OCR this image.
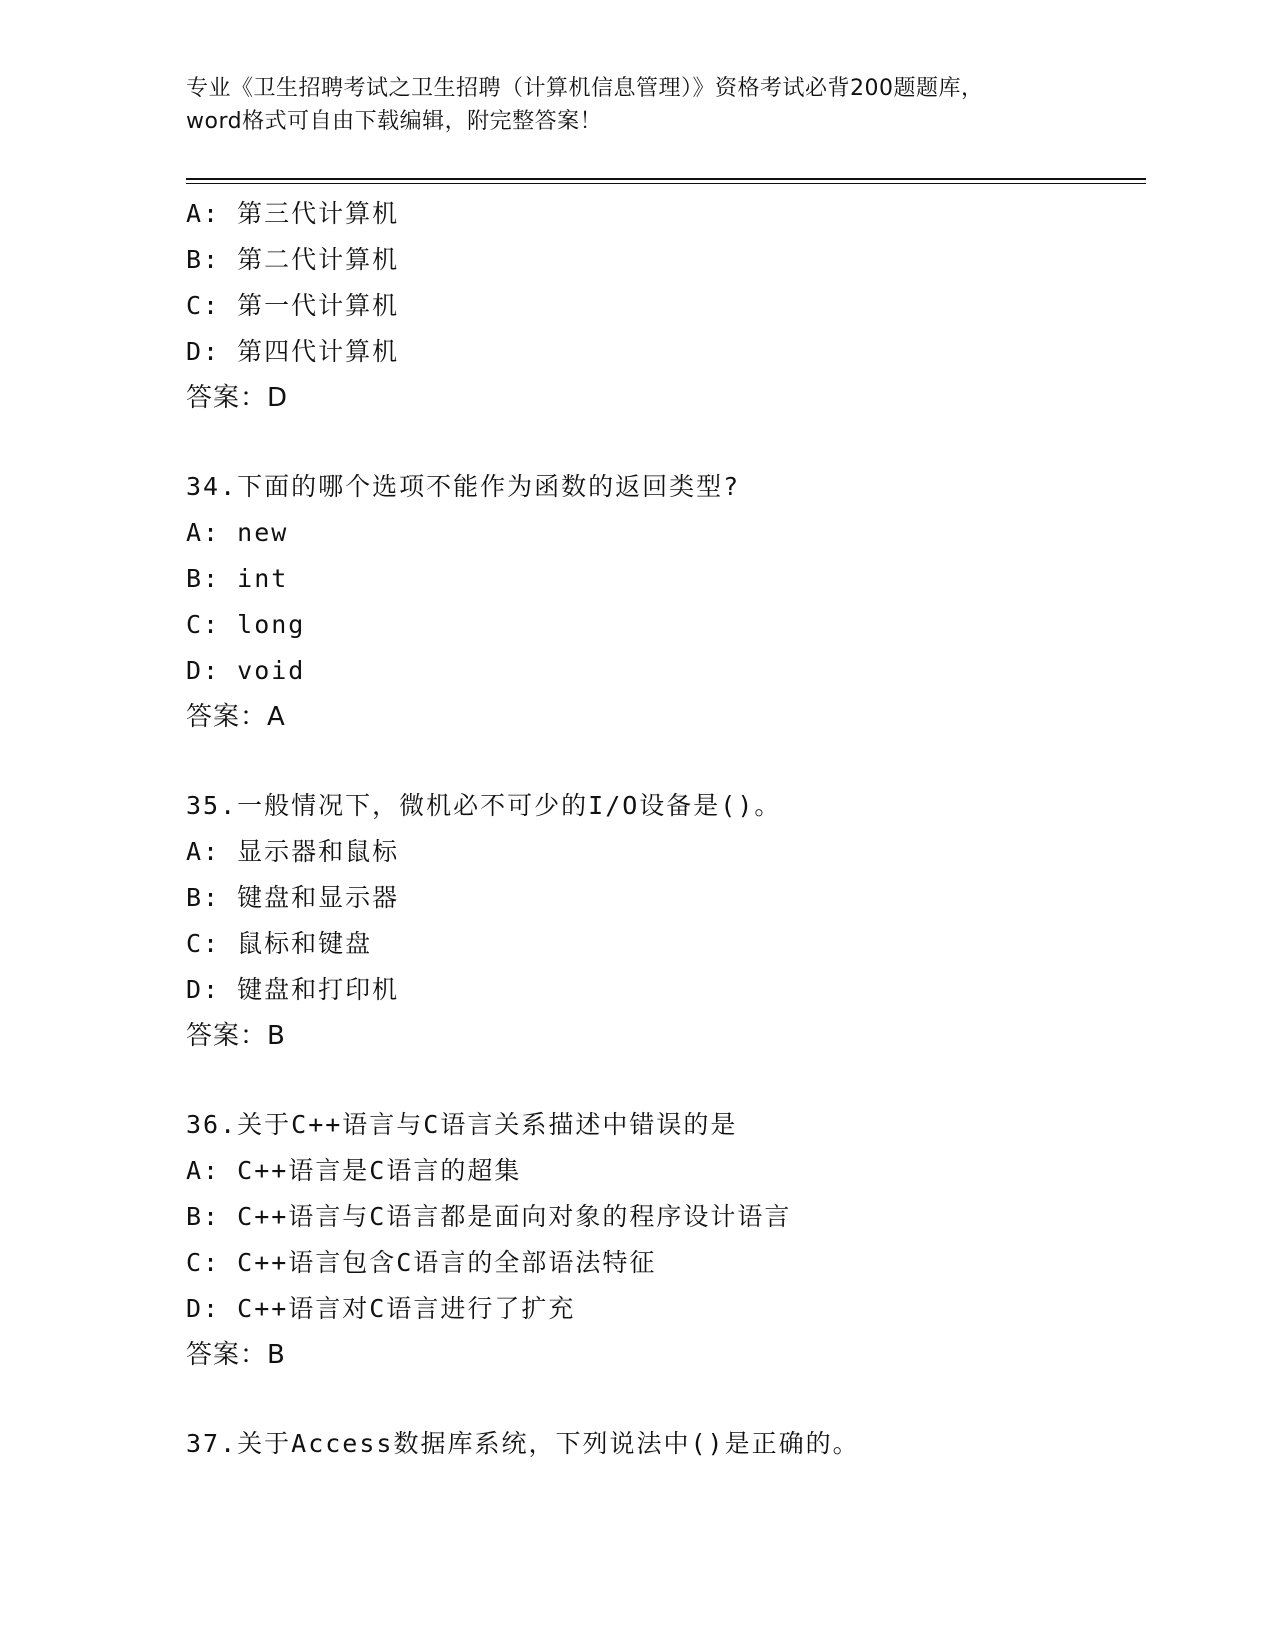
专业《卫生招聘考试之卫生招聘（计算机信息管理）》资格考试必背200题题库，
word格式可自由下载编辑，附完整答案！
A: 第三代计算机
B: 第二代计算机
C: 第一代计算机
D: 第四代计算机
答案：D
34.下面的哪个选项不能作为函数的返回类型?
A: new
B: int
C: long
D: void
答案：A
35.一般情况下，微机必不可少的I/O设备是()。
A: 显示器和鼠标
B: 键盘和显示器
C: 鼠标和键盘
D: 键盘和打印机
答案：B
36.关于C++语言与C语言关系描述中错误的是
A: C++语言是C语言的超集
B: C++语言与C语言都是面向对象的程序设计语言
C: C++语言包含C语言的全部语法特征
D: C++语言对C语言进行了扩充
答案：B
37.关于Access数据库系统，下列说法中()是正确的。
